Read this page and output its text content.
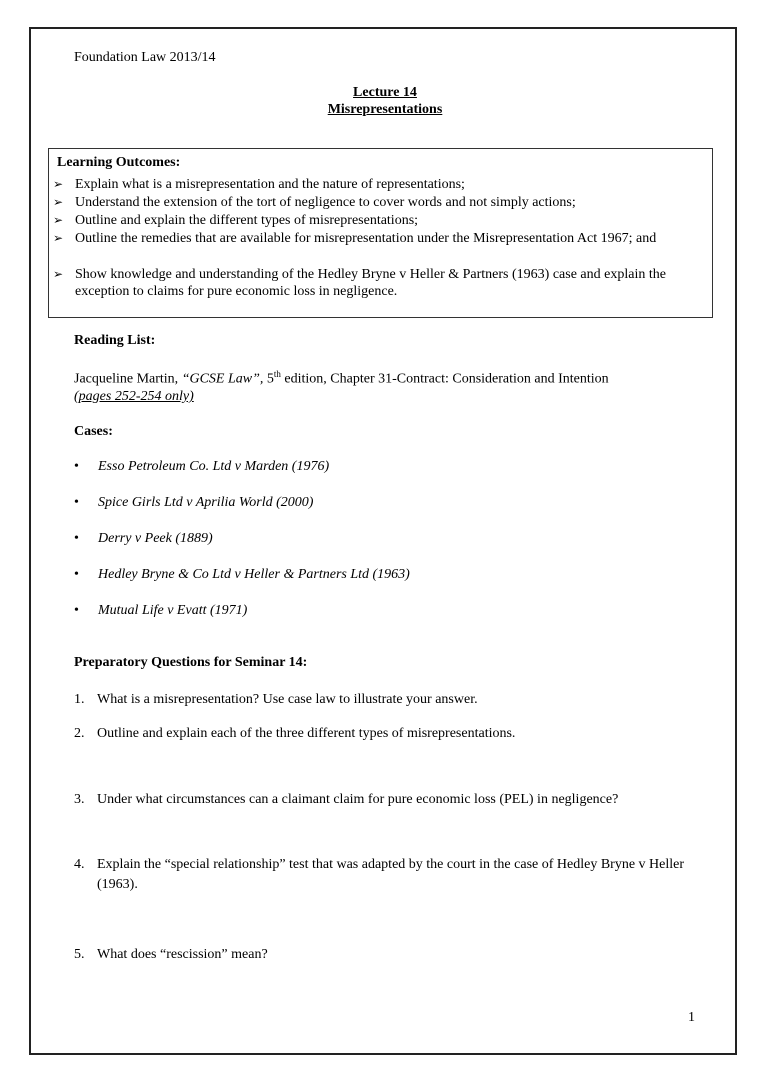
Foundation Law 2013/14
Lecture 14
Misrepresentations
Learning Outcomes:
➢ Explain what is a misrepresentation and the nature of representations;
➢ Understand the extension of the tort of negligence to cover words and not simply actions;
➢ Outline and explain the different types of misrepresentations;
➢ Outline the remedies that are available for misrepresentation under the Misrepresentation Act 1967; and
➢ Show knowledge and understanding of the Hedley Bryne v Heller & Partners (1963) case and explain the exception to claims for pure economic loss in negligence.
Reading List:
Jacqueline Martin, “GCSE Law”, 5th edition, Chapter 31-Contract: Consideration and Intention
(pages 252-254 only)
Cases:
• Esso Petroleum Co. Ltd v Marden (1976)
• Spice Girls Ltd v Aprilia World (2000)
• Derry v Peek (1889)
• Hedley Bryne & Co Ltd v Heller & Partners Ltd (1963)
• Mutual Life v Evatt (1971)
Preparatory Questions for Seminar 14:
1. What is a misrepresentation? Use case law to illustrate your answer.
2. Outline and explain each of the three different types of misrepresentations.
3. Under what circumstances can a claimant claim for pure economic loss (PEL) in negligence?
4. Explain the “special relationship” test that was adapted by the court in the case of Hedley Bryne v Heller (1963).
5. What does “rescission” mean?
1
